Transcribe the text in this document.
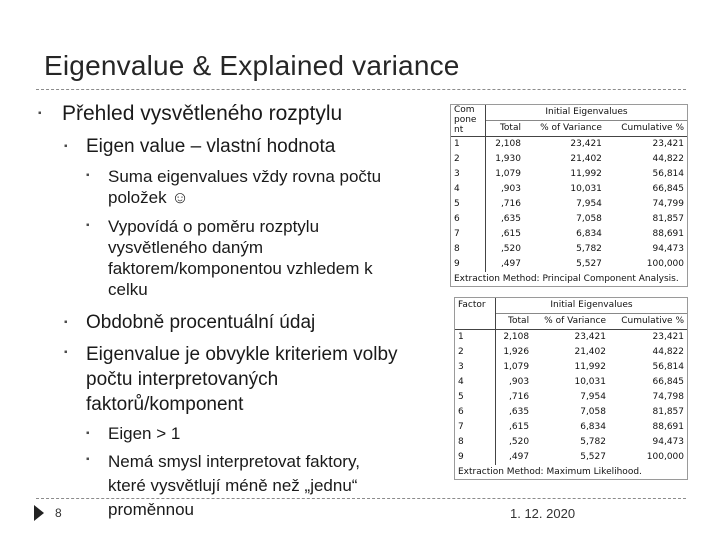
Eigenvalue & Explained variance
▪ Přehled vysvětleného rozptylu
▪ Eigen value – vlastní hodnota
▪ Suma eigenvalues vždy rovna počtu
položek ☺
▪ Vypovídá o poměru rozptylu
vysvětleného daným
faktorem/komponentou vzhledem k
celku
▪ Obdobně procentuální údaj
▪ Eigenvalue je obvykle kriteriem volby
počtu interpretovaných
faktorů/komponent
▪ Eigen > 1
▪ Nemá smysl interpretovat faktory,
které vysvětlují méně než „jednu“
proměnnou
Com pone nt	Initial Eigenvalues		
	Total	% of Variance	Cumulative %
1	2,108	23,421	23,421
2	1,930	21,402	44,822
3	1,079	11,992	56,814
4	,903	10,031	66,845
5	,716	7,954	74,799
6	,635	7,058	81,857
7	,615	6,834	88,691
8	,520	5,782	94,473
9	,497	5,527	100,000
Extraction Method: Principal Component Analysis.
Factor	Initial Eigenvalues		
	Total	% of Variance	Cumulative %
1	2,108	23,421	23,421
2	1,926	21,402	44,822
3	1,079	11,992	56,814
4	,903	10,031	66,845
5	,716	7,954	74,798
6	,635	7,058	81,857
7	,615	6,834	88,691
8	,520	5,782	94,473
9	,497	5,527	100,000
Extraction Method: Maximum Likelihood.
8	1. 12. 2020
